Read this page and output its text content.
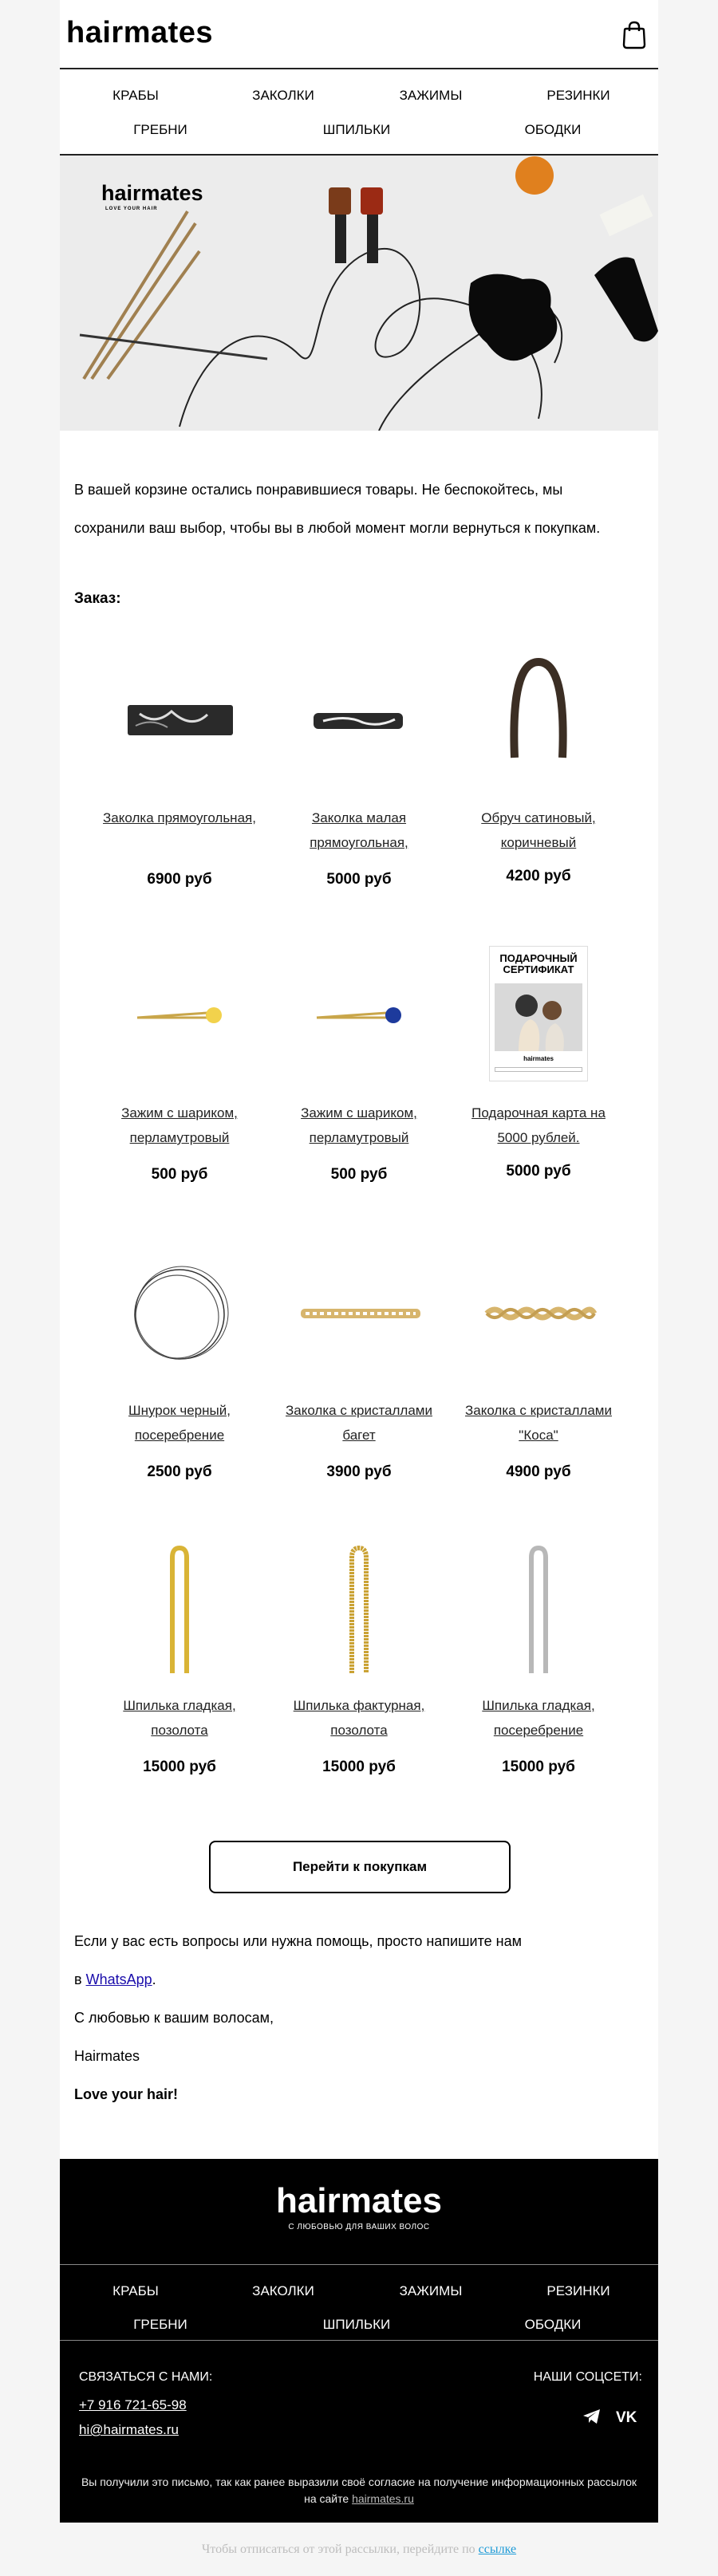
hairmates
КРАБЫ	ЗАКОЛКИ	ЗАЖИМЫ	РЕЗИНКИ
ГРЕБНИ	ШПИЛЬКИ	ОБОДКИ
hairmates
LOVE YOUR HAIR
В вашей корзине остались понравившиеся товары. Не беспокойтесь, мы сохранили ваш выбор, чтобы вы в любой момент могли вернуться к покупкам.
Заказ:
Заколка прямоугольная,
6900 руб
Заколка малая прямоугольная,
5000 руб
Обруч сатиновый, коричневый
4200 руб
Зажим с шариком, перламутровый
500 руб
Зажим с шариком, перламутровый
500 руб
ПОДАРОЧНЫЙ
СЕРТИФИКАТ
hairmates
Подарочная карта на 5000 рублей.
5000 руб
Шнурок черный, посеребрение
2500 руб
Заколка с кристаллами багет
3900 руб
Заколка с кристаллами "Коса"
4900 руб
Шпилька гладкая, позолота
15000 руб
Шпилька фактурная, позолота
15000 руб
Шпилька гладкая, посеребрение
15000 руб
Перейти к покупкам

Если у вас есть вопросы или нужна помощь, просто напишите нам

в WhatsApp.

С любовью к вашим волосам,

Hairmates

Love your hair!

hairmates
С ЛЮБОВЬЮ ДЛЯ ВАШИХ ВОЛОС
КРАБЫ	ЗАКОЛКИ	ЗАЖИМЫ	РЕЗИНКИ
ГРЕБНИ	ШПИЛЬКИ	ОБОДКИ
СВЯЗАТЬСЯ С НАМИ:
+7 916 721-65-98
hi@hairmates.ru
НАШИ СОЦСЕТИ:
VK
Вы получили это письмо, так как ранее выразили своё согласие на получение информационных рассылок на сайте hairmates.ru
Чтобы отписаться от этой рассылки, перейдите по ссылке
